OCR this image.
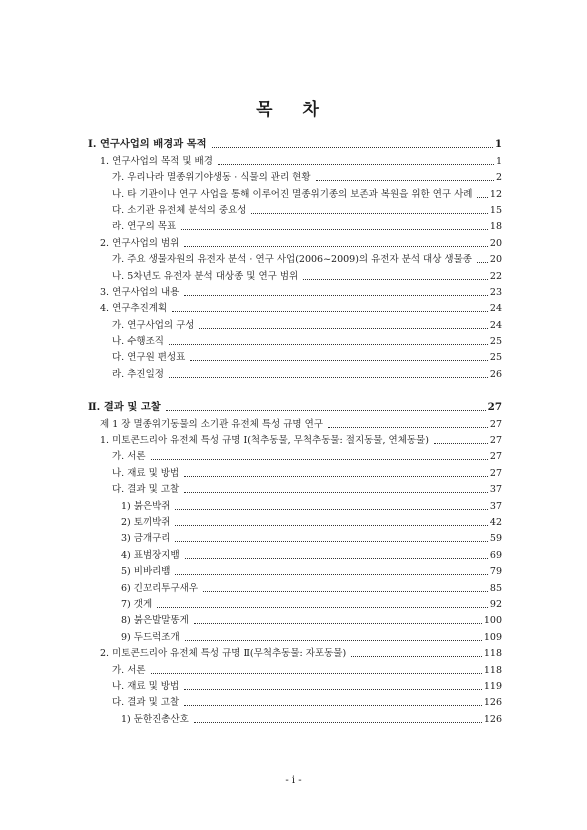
목 차
Ⅰ. 연구사업의 배경과 목적	1
1. 연구사업의 목적 및 배경	1
가. 우리나라 멸종위기야생동 · 식물의 관리 현황	2
나. 타 기관이나 연구 사업을 통해 이루어진 멸종위기종의 보존과 복원을 위한 연구 사례 12
다. 소기관 유전체 분석의 중요성	15
라. 연구의 목표	18
2. 연구사업의 범위	20
가. 주요 생물자원의 유전자 분석 · 연구 사업(2006~2009)의 유전자 분석 대상 생물종 20
나. 5차년도 유전자 분석 대상종 및 연구 범위	22
3. 연구사업의 내용	23
4. 연구추진계획	24
가. 연구사업의 구성	24
나. 수행조직	25
다. 연구원 편성표	25
라. 추진일정	26
Ⅱ. 결과 및 고찰	27
제 1 장 멸종위기동물의 소기관 유전체 특성 규명 연구	27
1. 미토콘드리아 유전체 특성 규명 Ⅰ(척추동물, 무척추동물: 절지동물, 연체동물)	27
가. 서론	27
나. 재료 및 방법	27
다. 결과 및 고찰	37
1) 붉은박쥐	37
2) 토끼박쥐	42
3) 금개구리	59
4) 표범장지뱀	69
5) 비바리뱀	79
6) 긴꼬리투구새우	85
7) 갯게	92
8) 붉은발말똥게	100
9) 두드럭조개	109
2. 미토콘드리아 유전체 특성 규명 Ⅱ(무척추동물: 자포동물)	118
가. 서론	118
나. 재료 및 방법	119
다. 결과 및 고찰	126
1) 둔한진총산호	126
- i -
